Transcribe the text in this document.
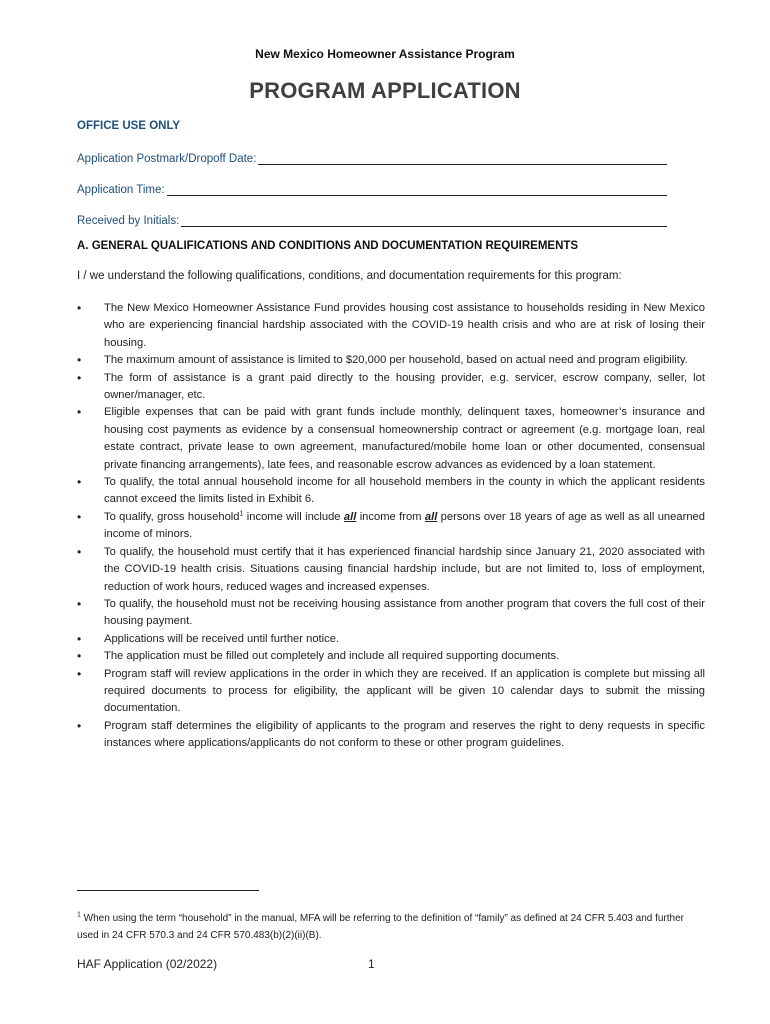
New Mexico Homeowner Assistance Program
PROGRAM APPLICATION
OFFICE USE ONLY
Application Postmark/Dropoff Date:
Application Time:
Received by Initials:
A. GENERAL QUALIFICATIONS AND CONDITIONS AND DOCUMENTATION REQUIREMENTS
I / we understand the following qualifications, conditions, and documentation requirements for this program:
• The New Mexico Homeowner Assistance Fund provides housing cost assistance to households residing in New Mexico who are experiencing financial hardship associated with the COVID-19 health crisis and who are at risk of losing their housing.
• The maximum amount of assistance is limited to $20,000 per household, based on actual need and program eligibility.
• The form of assistance is a grant paid directly to the housing provider, e.g. servicer, escrow company, seller, lot owner/manager, etc.
• Eligible expenses that can be paid with grant funds include monthly, delinquent taxes, homeowner’s insurance and housing cost payments as evidence by a consensual homeownership contract or agreement (e.g. mortgage loan, real estate contract, private lease to own agreement, manufactured/mobile home loan or other documented, consensual private financing arrangements), late fees, and reasonable escrow advances as evidenced by a loan statement.
• To qualify, the total annual household income for all household members in the county in which the applicant residents cannot exceed the limits listed in Exhibit 6.
• To qualify, gross household$^1$ income will include all income from all persons over 18 years of age as well as all unearned income of minors.
• To qualify, the household must certify that it has experienced financial hardship since January 21, 2020 associated with the COVID-19 health crisis. Situations causing financial hardship include, but are not limited to, loss of employment, reduction of work hours, reduced wages and increased expenses.
• To qualify, the household must not be receiving housing assistance from another program that covers the full cost of their housing payment.
• Applications will be received until further notice.
• The application must be filled out completely and include all required supporting documents.
• Program staff will review applications in the order in which they are received. If an application is complete but missing all required documents to process for eligibility, the applicant will be given 10 calendar days to submit the missing documentation.
• Program staff determines the eligibility of applicants to the program and reserves the right to deny requests in specific instances where applications/applicants do not conform to these or other program guidelines.
$^1$ When using the term “household” in the manual, MFA will be referring to the definition of “family” as defined at 24 CFR 5.403 and further used in 24 CFR 570.3 and 24 CFR 570.483(b)(2)(ii)(B).
HAF Application (02/2022)	1
